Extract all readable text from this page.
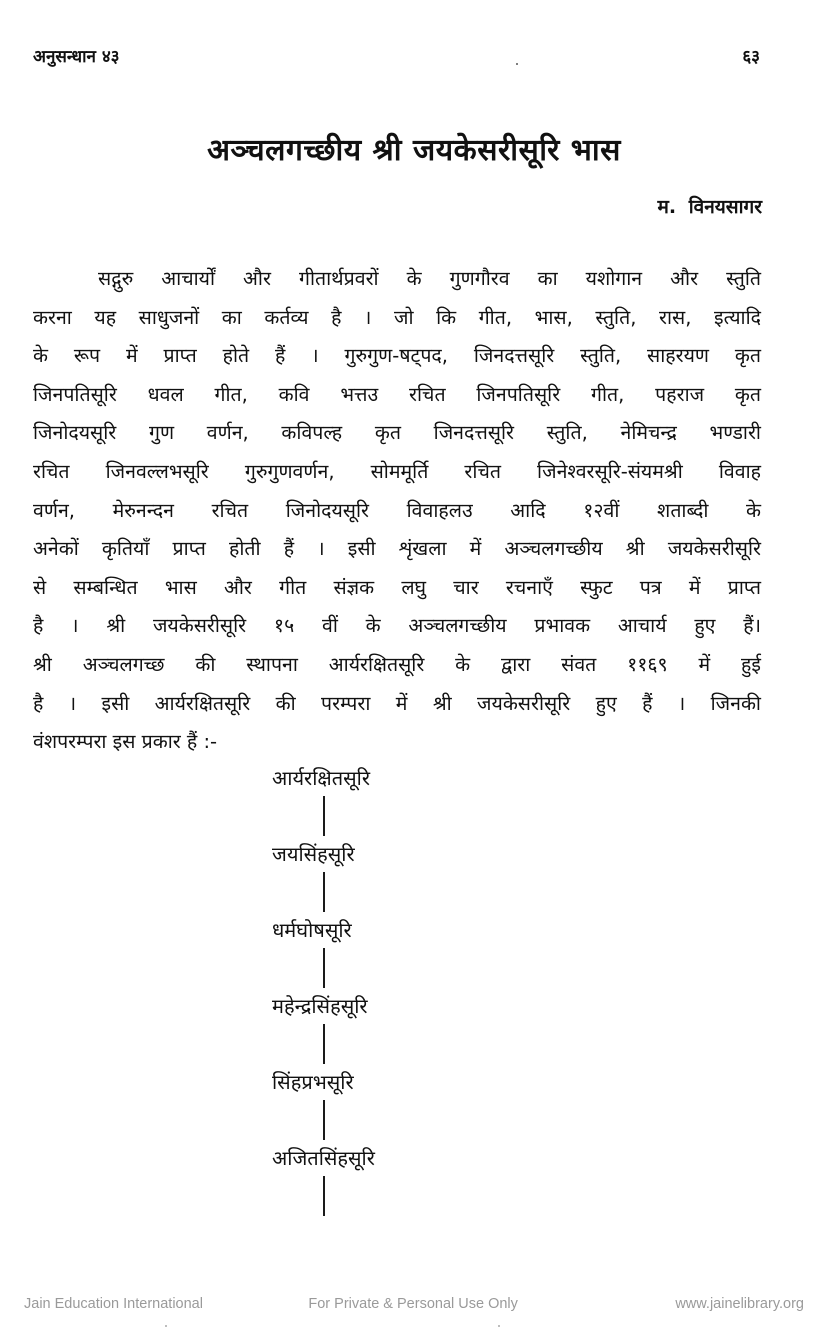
अनुसन्धान ४३	६३
अञ्चलगच्छीय श्री जयकेसरीसूरि भास
म. विनयसागर
सद्गुरु आचार्यों और गीतार्थप्रवरों के गुणगौरव का यशोगान और स्तुति
करना यह साधुजनों का कर्तव्य है । जो कि गीत, भास, स्तुति, रास, इत्यादि
के रूप में प्राप्त होते हैं । गुरुगुण-षट्पद, जिनदत्तसूरि स्तुति, साहरयण कृत
जिनपतिसूरि धवल गीत, कवि भत्तउ रचित जिनपतिसूरि गीत, पहराज कृत
जिनोदयसूरि गुण वर्णन, कविपल्ह कृत जिनदत्तसूरि स्तुति, नेमिचन्द्र भण्डारी
रचित जिनवल्लभसूरि गुरुगुणवर्णन, सोममूर्ति रचित जिनेश्वरसूरि-संयमश्री विवाह
वर्णन, मेरुनन्दन रचित जिनोदयसूरि विवाहलउ आदि १२वीं शताब्दी के
अनेकों कृतियाँ प्राप्त होती हैं । इसी शृंखला में अञ्चलगच्छीय श्री जयकेसरीसूरि
से सम्बन्धित भास और गीत संज्ञक लघु चार रचनाएँ स्फुट पत्र में प्राप्त
है । श्री जयकेसरीसूरि १५ वीं के अञ्चलगच्छीय प्रभावक आचार्य हुए हैं।
श्री अञ्चलगच्छ की स्थापना आर्यरक्षितसूरि के द्वारा संवत ११६९ में हुई
है । इसी आर्यरक्षितसूरि की परम्परा में श्री जयकेसरीसूरि हुए हैं । जिनकी
वंशपरम्परा इस प्रकार हैं :-
आर्यरक्षितसूरि
जयसिंहसूरि
धर्मघोषसूरि
महेन्द्रसिंहसूरि
सिंहप्रभसूरि
अजितसिंहसूरि
Jain Education International	For Private & Personal Use Only	www.jainelibrary.org
